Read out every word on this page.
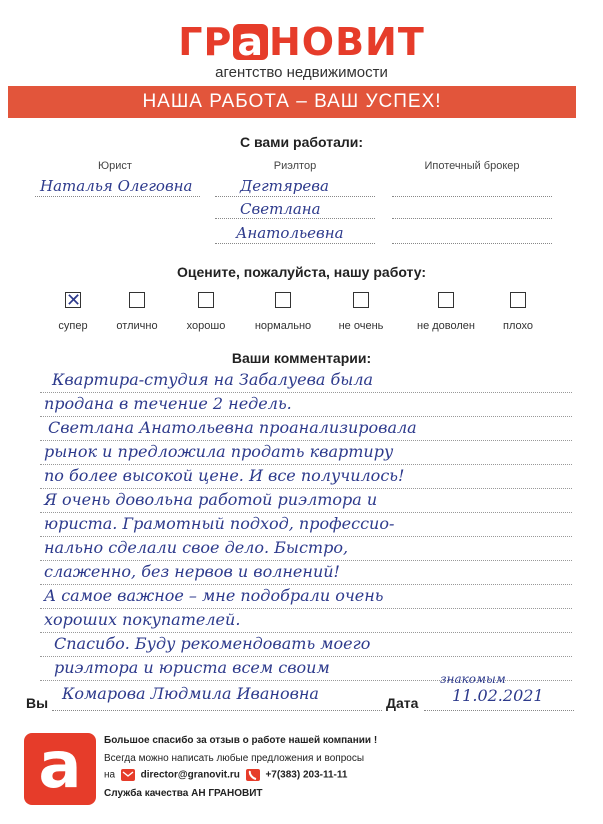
ГР а НОВИТ
агентство недвижимости
НАША РАБОТА – ВАШ УСПЕХ!
С вами работали:
Юрист	Риэлтор	Ипотечный брокер
Наталья Олеговна	Дегтярева
Светлана
Анатольевна
Оцените, пожалуйста, нашу работу:
✕
супер	отлично	хорошо	нормально	не очень	не доволен	плохо
Ваши комментарии:
Квартира-студия на Забалуева была
продана в течение 2 недель.
Светлана Анатольевна проанализировала
рынок и предложила продать квартиру
по более высокой цене. И все получилось!
Я очень довольна работой риэлтора и
юриста. Грамотный подход, профессио-
нально сделали свое дело. Быстро,
слаженно, без нервов и волнений!
А самое важное – мне подобрали очень
хороших покупателей.
Спасибо. Буду рекомендовать моего
риэлтора и юриста всем своим
знакомым
Вы Комарова Людмила Ивановна	Дата 11.02.2021
а	Большое спасибо за отзыв о работе нашей компании !
Всегда можно написать любые предложения и вопросы
на	director@granovit.ru	+7(383) 203-11-11
Служба качества АН ГРАНОВИТ
